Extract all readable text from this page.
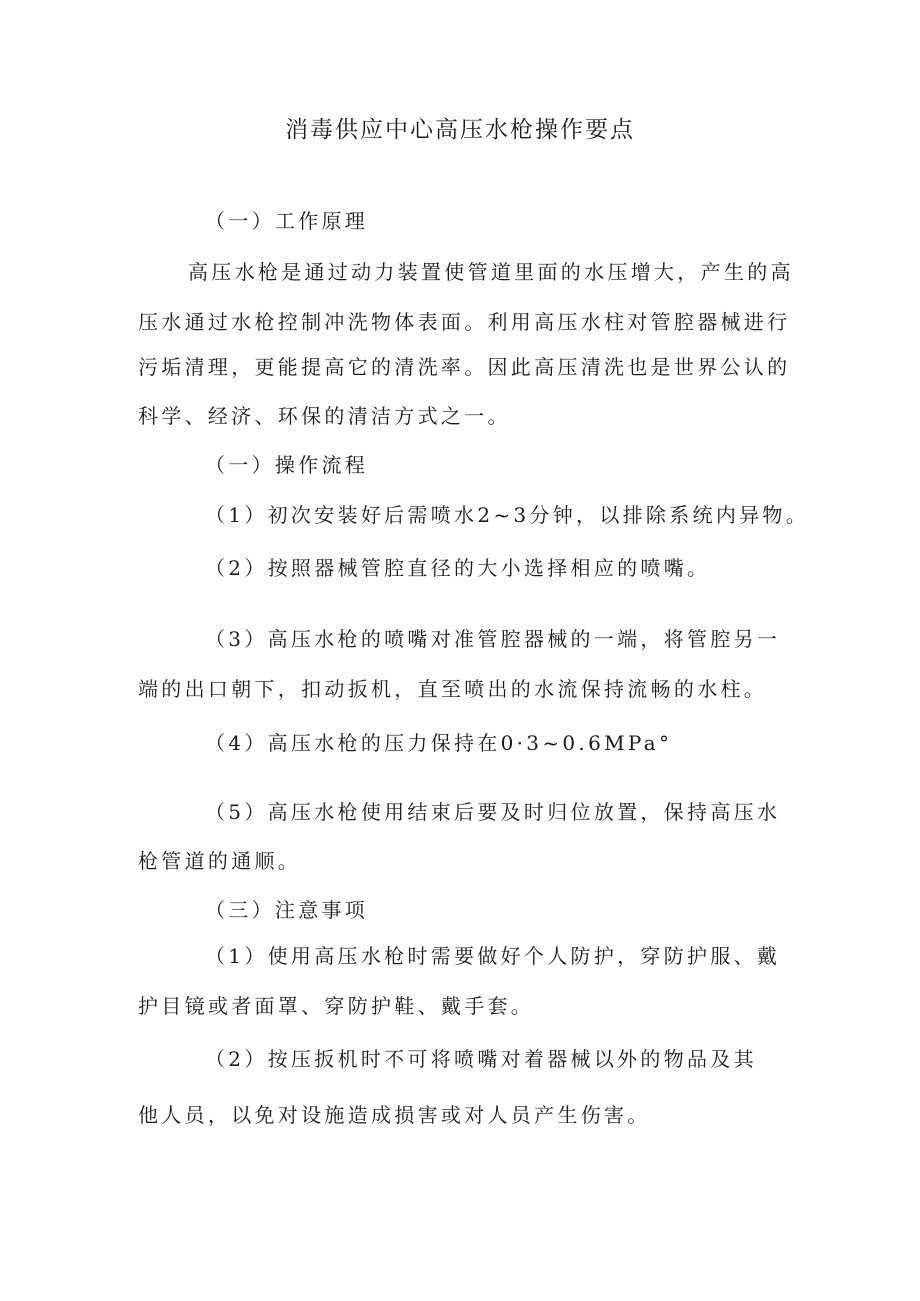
消毒供应中心高压水枪操作要点
（一）工作原理
高压水枪是通过动力装置使管道里面的水压增大，产生的高
压水通过水枪控制冲洗物体表面。利用高压水柱对管腔器械进行
污垢清理，更能提高它的清洗率。因此高压清洗也是世界公认的
科学、经济、环保的清洁方式之一。
（一）操作流程
（1）初次安装好后需喷水2~3分钟，以排除系统内异物。
（2）按照器械管腔直径的大小选择相应的喷嘴。
（3）高压水枪的喷嘴对准管腔器械的一端，将管腔另一
端的出口朝下，扣动扳机，直至喷出的水流保持流畅的水柱。
（4）高压水枪的压力保持在0·3~0.6MPa°
（5）高压水枪使用结束后要及时归位放置，保持高压水
枪管道的通顺。
（三）注意事项
（1）使用高压水枪时需要做好个人防护，穿防护服、戴
护目镜或者面罩、穿防护鞋、戴手套。
（2）按压扳机时不可将喷嘴对着器械以外的物品及其
他人员，以免对设施造成损害或对人员产生伤害。
